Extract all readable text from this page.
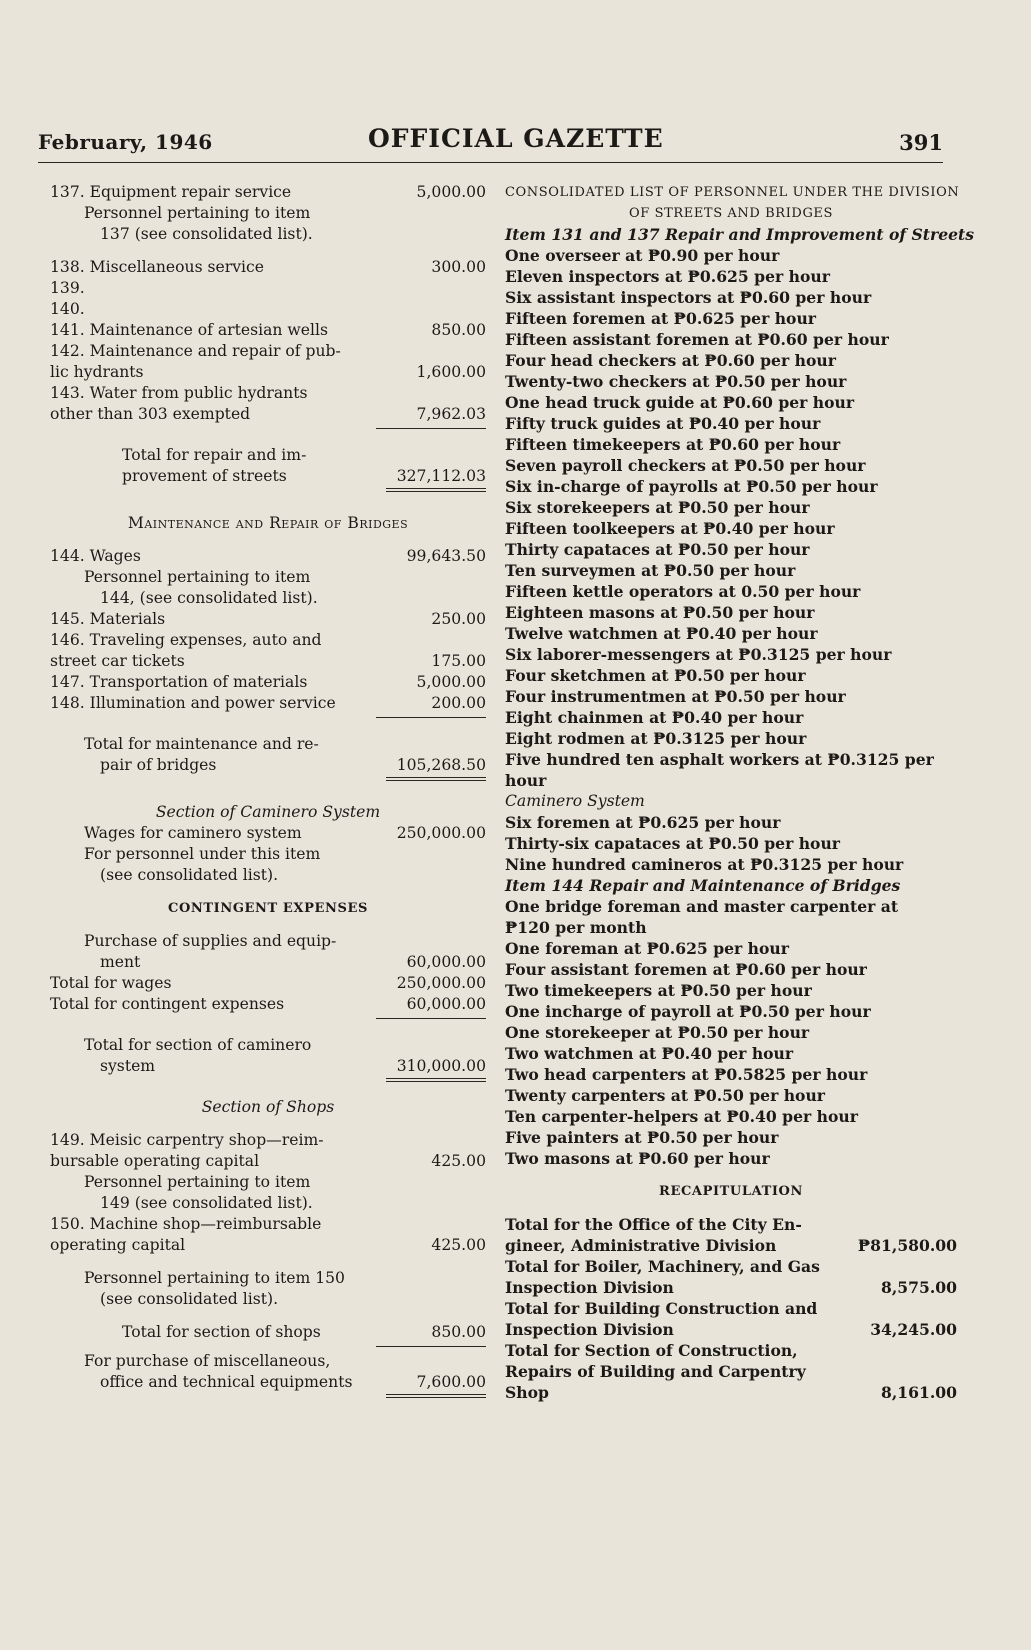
February, 1946	OFFICIAL GAZETTE	391
137. Equipment repair service	5,000.00
Personnel pertaining to item
137 (see consolidated list).
138. Miscellaneous service	300.00
139.
140.
141. Maintenance of artesian wells	850.00
142. Maintenance and repair of pub-
lic hydrants	1,600.00
143. Water from public hydrants
other than 303 exempted	7,962.03
Total for repair and im-
provement of streets	327,112.03
Maintenance and Repair of Bridges
144. Wages	99,643.50
Personnel pertaining to item
144, (see consolidated list).
145. Materials	250.00
146. Traveling expenses, auto and
street car tickets	175.00
147. Transportation of materials	5,000.00
148. Illumination and power service	200.00
Total for maintenance and re-
pair of bridges	105,268.50
Section of Caminero System
Wages for caminero system	250,000.00
For personnel under this item
(see consolidated list).
CONTINGENT EXPENSES
Purchase of supplies and equip-
ment	60,000.00
Total for wages	250,000.00
Total for contingent expenses	60,000.00
Total for section of caminero
system	310,000.00
Section of Shops
149. Meisic carpentry shop—reim-
bursable operating capital	425.00
Personnel pertaining to item
149 (see consolidated list).
150. Machine shop—reimbursable
operating capital	425.00
Personnel pertaining to item 150
(see consolidated list).
Total for section of shops	850.00
For purchase of miscellaneous,
office and technical equipments	7,600.00
CONSOLIDATED LIST OF PERSONNEL UNDER THE DIVISION
OF STREETS AND BRIDGES
Item 131 and 137 Repair and Improvement of Streets
One overseer at ₱0.90 per hour
Eleven inspectors at ₱0.625 per hour
Six assistant inspectors at ₱0.60 per hour
Fifteen foremen at ₱0.625 per hour
Fifteen assistant foremen at ₱0.60 per hour
Four head checkers at ₱0.60 per hour
Twenty-two checkers at ₱0.50 per hour
One head truck guide at ₱0.60 per hour
Fifty truck guides at ₱0.40 per hour
Fifteen timekeepers at ₱0.60 per hour
Seven payroll checkers at ₱0.50 per hour
Six in-charge of payrolls at ₱0.50 per hour
Six storekeepers at ₱0.50 per hour
Fifteen toolkeepers at ₱0.40 per hour
Thirty capataces at ₱0.50 per hour
Ten surveymen at ₱0.50 per hour
Fifteen kettle operators at 0.50 per hour
Eighteen masons at ₱0.50 per hour
Twelve watchmen at ₱0.40 per hour
Six laborer-messengers at ₱0.3125 per hour
Four sketchmen at ₱0.50 per hour
Four instrumentmen at ₱0.50 per hour
Eight chainmen at ₱0.40 per hour
Eight rodmen at ₱0.3125 per hour
Five hundred ten asphalt workers at ₱0.3125 per
hour
Caminero System
Six foremen at ₱0.625 per hour
Thirty-six capataces at ₱0.50 per hour
Nine hundred camineros at ₱0.3125 per hour
Item 144 Repair and Maintenance of Bridges
One bridge foreman and master carpenter at
₱120 per month
One foreman at ₱0.625 per hour
Four assistant foremen at ₱0.60 per hour
Two timekeepers at ₱0.50 per hour
One incharge of payroll at ₱0.50 per hour
One storekeeper at ₱0.50 per hour
Two watchmen at ₱0.40 per hour
Two head carpenters at ₱0.5825 per hour
Twenty carpenters at ₱0.50 per hour
Ten carpenter-helpers at ₱0.40 per hour
Five painters at ₱0.50 per hour
Two masons at ₱0.60 per hour
RECAPITULATION
Total for the Office of the City En-
gineer, Administrative Division	₱81,580.00
Total for Boiler, Machinery, and Gas
Inspection Division	8,575.00
Total for Building Construction and
Inspection Division	34,245.00
Total for Section of Construction,
Repairs of Building and Carpentry
Shop	8,161.00
